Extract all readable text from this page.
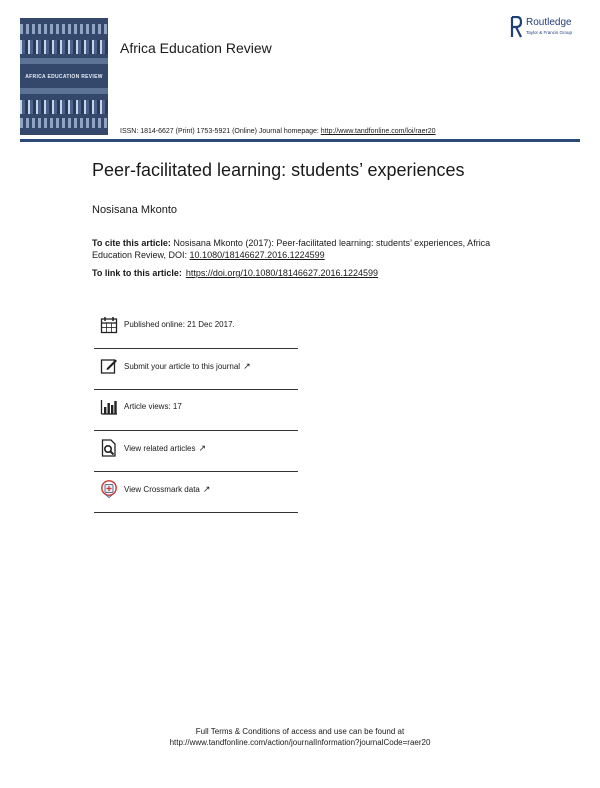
AFRICA EDUCATION REVIEW
Africa Education Review
Routledge
Taylor & Francis Group
ISSN: 1814-6627 (Print) 1753-5921 (Online) Journal homepage: http://www.tandfonline.com/loi/raer20
Peer-facilitated learning: students’ experiences
Nosisana Mkonto
To cite this article: Nosisana Mkonto (2017): Peer-facilitated learning: students’ experiences, Africa Education Review, DOI: 10.1080/18146627.2016.1224599
To link to this article: https://doi.org/10.1080/18146627.2016.1224599
Published online: 21 Dec 2017.
Submit your article to this journal ↗
Article views: 17
View related articles ↗
View Crossmark data ↗
Full Terms & Conditions of access and use can be found at
http://www.tandfonline.com/action/journalInformation?journalCode=raer20
